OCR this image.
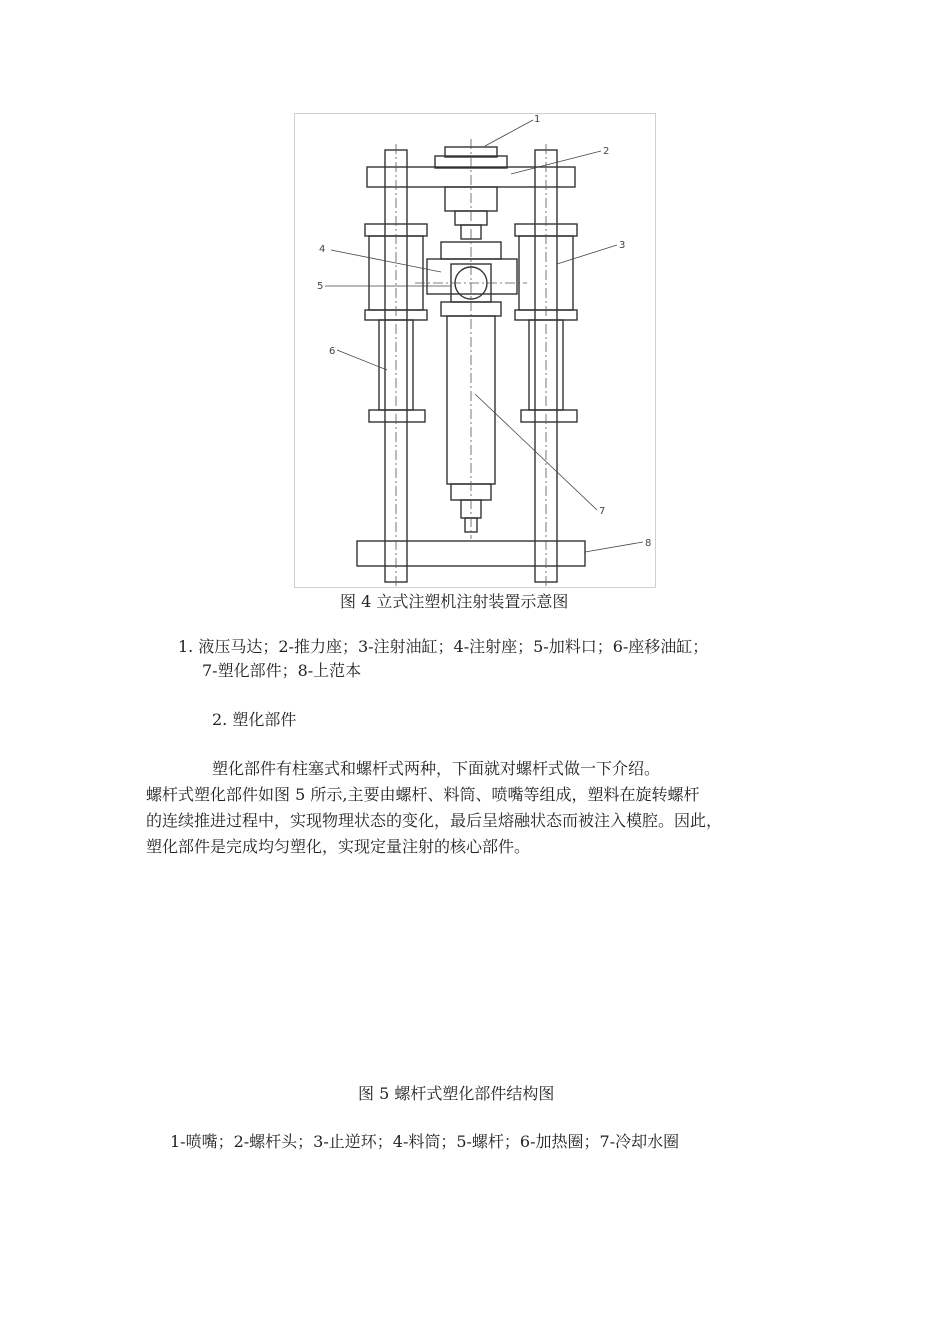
1
2
3
4
5
6
7
8
图 4 立式注塑机注射装置示意图
1. 液压马达；2-推力座；3-注射油缸；4-注射座；5-加料口；6-座移油缸；
7-塑化部件；8-上范本
2. 塑化部件
塑化部件有柱塞式和螺杆式两种，下面就对螺杆式做一下介绍。
螺杆式塑化部件如图 5 所示,主要由螺杆、料筒、喷嘴等组成，塑料在旋转螺杆
的连续推进过程中，实现物理状态的变化，最后呈熔融状态而被注入模腔。因此，
塑化部件是完成均匀塑化，实现定量注射的核心部件。
图 5 螺杆式塑化部件结构图
1-喷嘴；2-螺杆头；3-止逆环；4-料筒；5-螺杆；6-加热圈；7-冷却水圈
